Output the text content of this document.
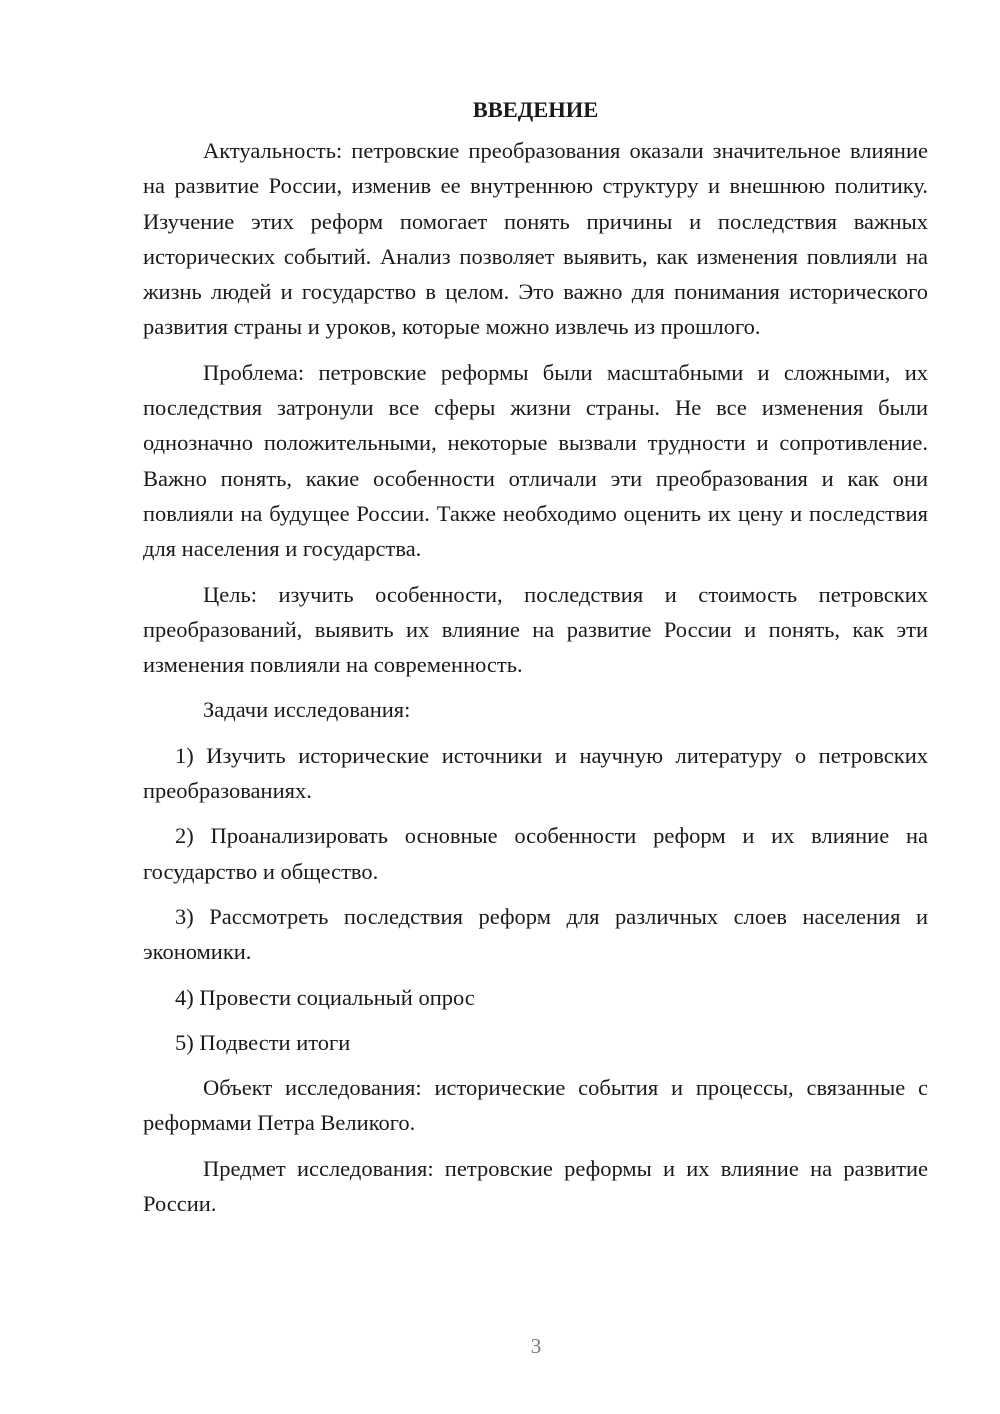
ВВЕДЕНИЕ

Актуальность: петровские преобразования оказали значительное влияние на развитие России, изменив ее внутреннюю структуру и внешнюю политику. Изучение этих реформ помогает понять причины и последствия важных исторических событий. Анализ позволяет выявить, как изменения повлияли на жизнь людей и государство в целом. Это важно для понимания исторического развития страны и уроков, которые можно извлечь из прошлого.

Проблема: петровские реформы были масштабными и сложными, их последствия затронули все сферы жизни страны. Не все изменения были однозначно положительными, некоторые вызвали трудности и сопротивление. Важно понять, какие особенности отличали эти преобразования и как они повлияли на будущее России. Также необходимо оценить их цену и последствия для населения и государства.

Цель: изучить особенности, последствия и стоимость петровских преобразований, выявить их влияние на развитие России и понять, как эти изменения повлияли на современность.

Задачи исследования:

1) Изучить исторические источники и научную литературу о петровских преобразованиях.

2) Проанализировать основные особенности реформ и их влияние на государство и общество.

3) Рассмотреть последствия реформ для различных слоев населения и экономики.

4) Провести социальный опрос

5) Подвести итоги

Объект исследования: исторические события и процессы, связанные с реформами Петра Великого.

Предмет исследования: петровские реформы и их влияние на развитие России.

3
